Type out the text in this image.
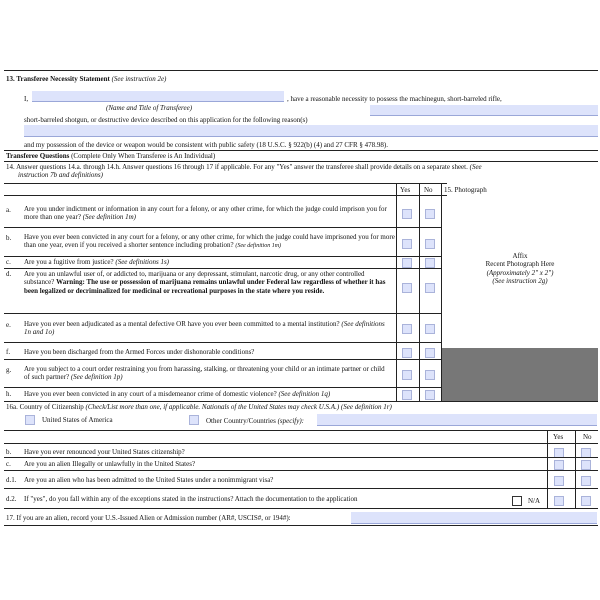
13. Transferee Necessity Statement (See instruction 2e)
I,	, have a reasonable necessity to possess the machinegun, short-barreled rifle,
(Name and Title of Transferee)
short-barreled shotgun, or destructive device described on this application for the following reason(s)
and my possession of the device or weapon would be consistent with public safety (18 U.S.C. § 922(b) (4) and 27 CFR § 478.98).
Transferee Questions (Complete Only When Transferee is An Individual)
14. Answer questions 14.a. through 14.h. Answer questions 16 through 17 if applicable. For any "Yes" answer the transferee shall provide details on a separate sheet. (See
instruction 7b and definitions)
Yes No 15. Photograph
Affix
Recent Photograph Here
(Approximately 2" x 2")
(See instruction 2g)
a. Are you under indictment or information in any court for a felony, or any other crime, for which the judge could imprison you for more than one year? (See definition 1m)
b. Have you ever been convicted in any court for a felony, or any other crime, for which the judge could have imprisoned you for more than one year, even if you received a shorter sentence including probation? (See definition 1m)
c. Are you a fugitive from justice? (See definitions 1s)
d. Are you an unlawful user of, or addicted to, marijuana or any depressant, stimulant, narcotic drug, or any other controlled substance? Warning: The use or possession of marijuana remains unlawful under Federal law regardless of whether it has been legalized or decriminalized for medicinal or recreational purposes in the state where you reside.
e. Have you ever been adjudicated as a mental defective OR have you ever been committed to a mental institution? (See definitions 1n and 1o)
f. Have you been discharged from the Armed Forces under dishonorable conditions?
g. Are you subject to a court order restraining you from harassing, stalking, or threatening your child or an intimate partner or child of such partner? (See definition 1p)
h. Have you ever been convicted in any court of a misdemeanor crime of domestic violence? (See definition 1q)
16a. Country of Citizenship (Check/List more than one, if applicable. Nationals of the United States may check U.S.A.) (See definition 1r)
United States of America	Other Country/Countries (specify):
Yes	No
b. Have you ever renounced your United States citizenship?
c. Are you an alien Illegally or unlawfully in the United States?
d.1. Are you an alien who has been admitted to the United States under a nonimmigrant visa?
d.2. If "yes", do you fall within any of the exceptions stated in the instructions? Attach the documentation to the application	N/A
17. If you are an alien, record your U.S.-Issued Alien or Admission number (AR#, USCIS#, or 194#):
